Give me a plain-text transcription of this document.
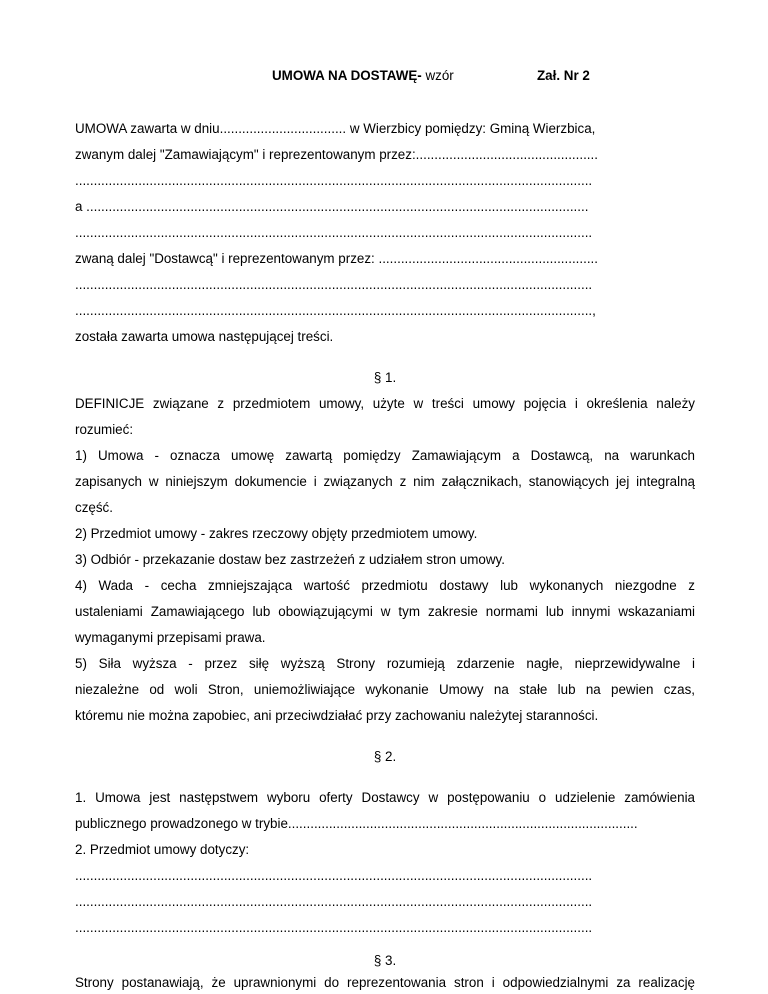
UMOWA NA DOSTAWĘ- wzór	Zał. Nr 2
UMOWA zawarta w dniu.................................. w Wierzbicy pomiędzy: Gminą Wierzbica,
zwanym dalej "Zamawiającym" i reprezentowanym przez:.................................................
...........................................................................................................................................
a .......................................................................................................................................
...........................................................................................................................................
zwaną dalej "Dostawcą" i reprezentowanym przez: ...........................................................
...........................................................................................................................................
...........................................................................................................................................,
została zawarta umowa następującej treści.
§ 1.
DEFINICJE związane z przedmiotem umowy, użyte w treści umowy pojęcia i określenia należy
rozumieć:
1) Umowa - oznacza umowę zawartą pomiędzy Zamawiającym a Dostawcą, na warunkach
zapisanych w niniejszym dokumencie i związanych z nim załącznikach, stanowiących jej integralną
część.
2) Przedmiot umowy - zakres rzeczowy objęty przedmiotem umowy.
3) Odbiór - przekazanie dostaw bez zastrzeżeń z udziałem stron umowy.
4) Wada - cecha zmniejszająca wartość przedmiotu dostawy lub wykonanych niezgodne z
ustaleniami Zamawiającego lub obowiązującymi w tym zakresie normami lub innymi wskazaniami
wymaganymi przepisami prawa.
5) Siła wyższa - przez siłę wyższą Strony rozumieją zdarzenie nagłe, nieprzewidywalne i
niezależne od woli Stron, uniemożliwiające wykonanie Umowy na stałe lub na pewien czas,
któremu nie można zapobiec, ani przeciwdziałać przy zachowaniu należytej staranności.
§ 2.
1. Umowa jest następstwem wyboru oferty Dostawcy w postępowaniu o udzielenie zamówienia
publicznego prowadzonego w trybie..............................................................................................
2. Przedmiot umowy dotyczy:
...........................................................................................................................................
...........................................................................................................................................
...........................................................................................................................................
§ 3.
Strony postanawiają, że uprawnionymi do reprezentowania stron i odpowiedzialnymi za realizację
